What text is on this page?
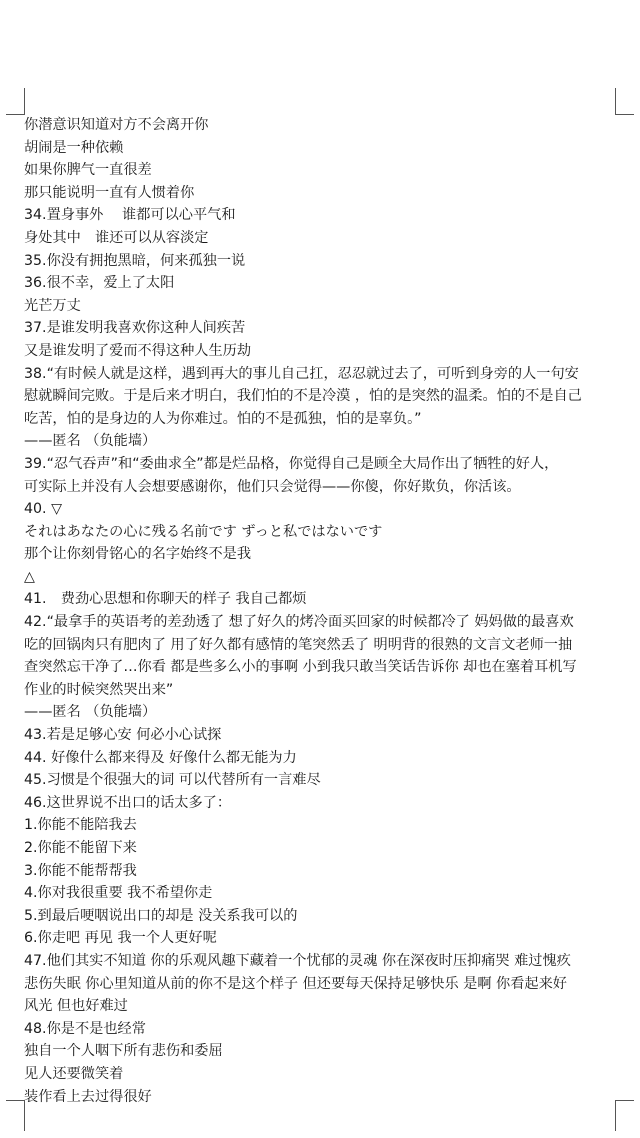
你潜意识知道对方不会离开你
胡闹是一种依赖
如果你脾气一直很差
那只能说明一直有人惯着你
34.置身事外　 谁都可以心平气和
身处其中　谁还可以从容淡定
35.你没有拥抱黑暗，何来孤独一说
36.很不幸，爱上了太阳
光芒万丈
37.是谁发明我喜欢你这种人间疾苦
又是谁发明了爱而不得这种人生历劫
38.“有时候人就是这样，遇到再大的事儿自己扛，忍忍就过去了，可听到身旁的人一句安
慰就瞬间完败。于是后来才明白，我们怕的不是冷漠 ，怕的是突然的温柔。怕的不是自己
吃苦，怕的是身边的人为你难过。怕的不是孤独，怕的是辜负。”
——匿名 （负能墙）
39.“忍气吞声”和“委曲求全”都是烂品格，你觉得自己是顾全大局作出了牺牲的好人，
可实际上并没有人会想要感谢你，他们只会觉得——你傻，你好欺负，你活该。
40. ▽
それはあなたの心に残る名前です ずっと私ではないです
那个让你刻骨铭心的名字始终不是我
△
41.　费劲心思想和你聊天的样子 我自己都烦
42.“最拿手的英语考的差劲透了 想了好久的烤冷面买回家的时候都冷了 妈妈做的最喜欢
吃的回锅肉只有肥肉了 用了好久都有感情的笔突然丢了 明明背的很熟的文言文老师一抽
查突然忘干净了…你看 都是些多么小的事啊 小到我只敢当笑话告诉你 却也在塞着耳机写
作业的时候突然哭出来”
——匿名 （负能墙）
43.若是足够心安 何必小心试探
44. 好像什么都来得及 好像什么都无能为力
45.习惯是个很强大的词 可以代替所有一言难尽
46.这世界说不出口的话太多了：
1.你能不能陪我去
2.你能不能留下来
3.你能不能帮帮我
4.你对我很重要 我不希望你走
5.到最后哽咽说出口的却是 没关系我可以的
6.你走吧 再见 我一个人更好呢
47.他们其实不知道 你的乐观风趣下藏着一个忧郁的灵魂 你在深夜时压抑痛哭 难过愧疚
悲伤失眠 你心里知道从前的你不是这个样子 但还要每天保持足够快乐 是啊 你看起来好
风光 但也好难过
48.你是不是也经常
独自一个人咽下所有悲伤和委屈
见人还要微笑着
装作看上去过得很好
